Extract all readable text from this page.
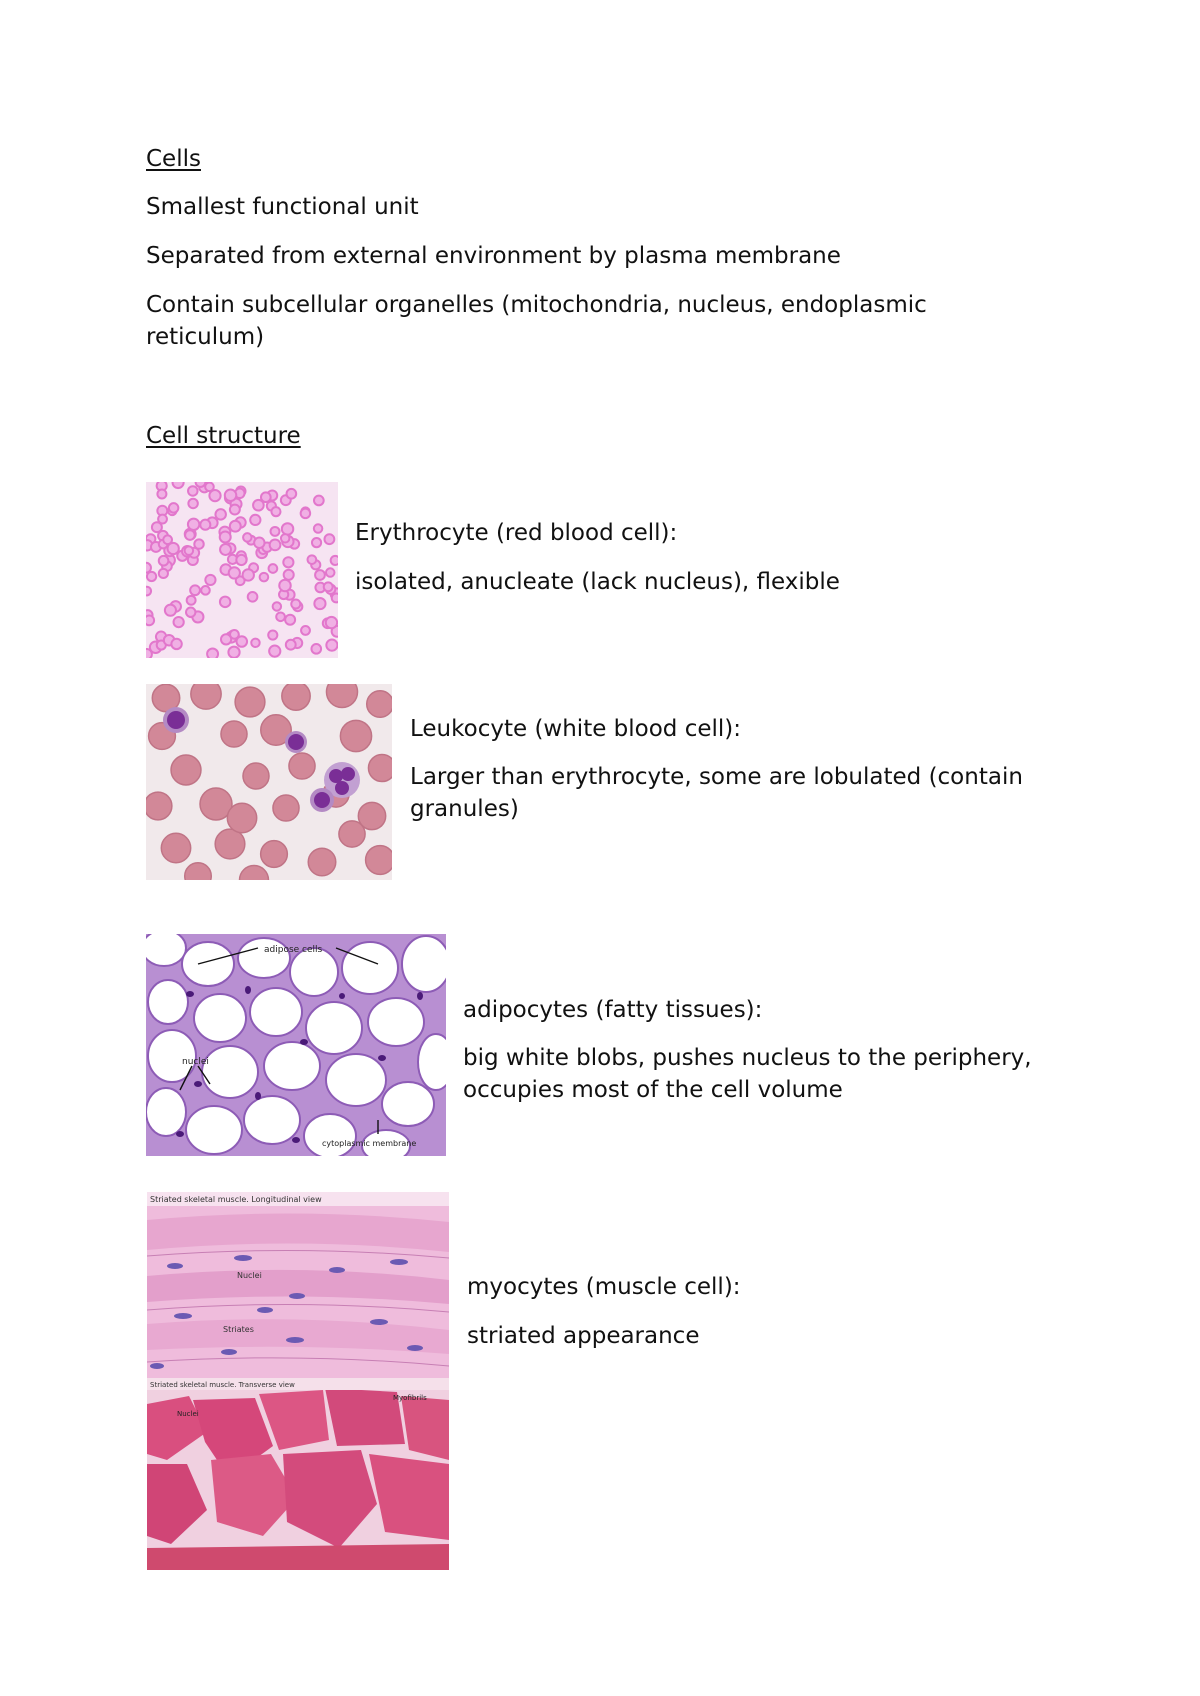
Cells
Smallest functional unit
Separated from external environment by plasma membrane
Contain subcellular organelles (mitochondria, nucleus, endoplasmic reticulum)
Cell structure
Erythrocyte (red blood cell):
isolated, anucleate (lack nucleus), flexible
Leukocyte (white blood cell):
Larger than erythrocyte, some are lobulated (contain granules)
adipose cells
nuclei
cytoplasmic membrane
adipocytes (fatty tissues):
big white blobs, pushes nucleus to the periphery, occupies most of the cell volume
Striated skeletal muscle. Longitudinal view
Nuclei
Striates
Striated skeletal muscle. Transverse view
Nuclei
Myofibrils
myocytes (muscle cell):
striated appearance
